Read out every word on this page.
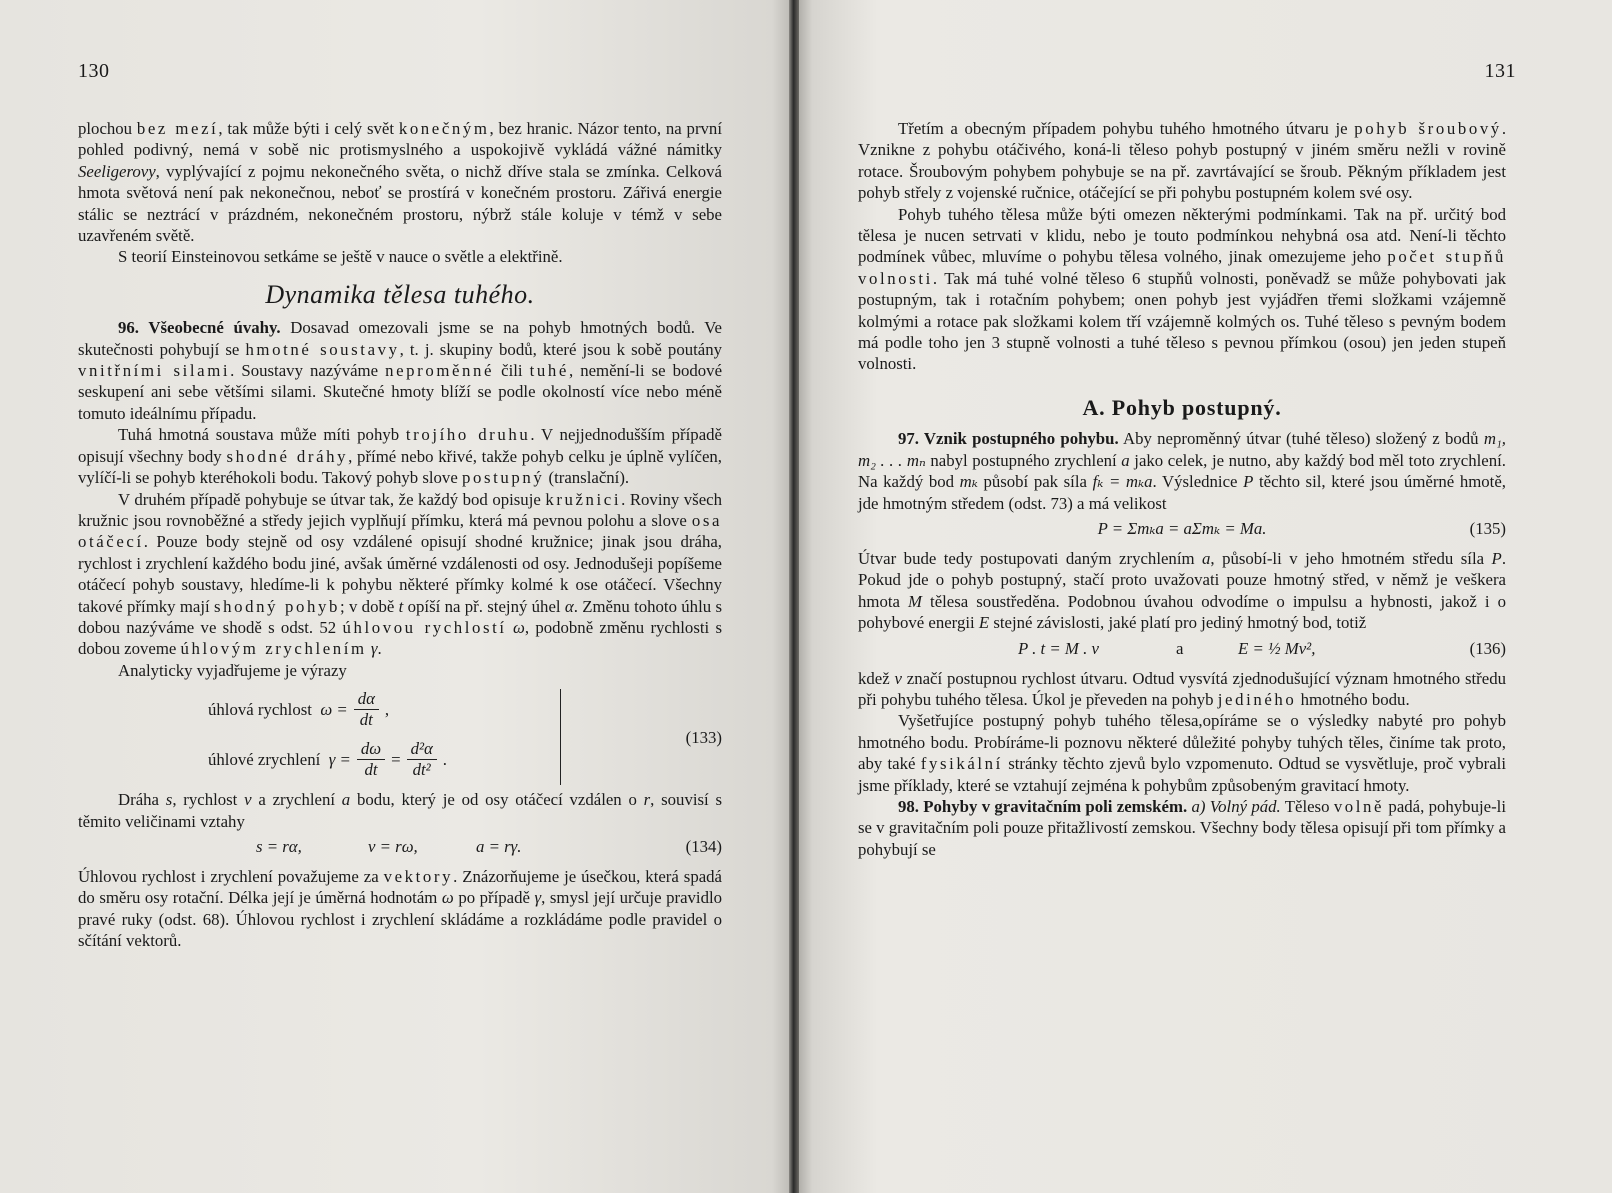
130

plochou bez mezí, tak může býti i celý svět konečným, bez hranic. Názor tento, na první pohled podivný, nemá v sobě nic protismyslného a uspokojivě vykládá vážné námitky Seeligerovy, vyplývající z pojmu nekonečného světa, o nichž dříve stala se zmínka. Celková hmota světová není pak nekonečnou, neboť se prostírá v konečném prostoru. Zářivá energie stálic se neztrácí v prázdném, nekonečném prostoru, nýbrž stále koluje v témž v sebe uzavřeném světě.

S teorií Einsteinovou setkáme se ještě v nauce o světle a elektřině.

Dynamika tělesa tuhého.

96. Všeobecné úvahy. Dosavad omezovali jsme se na pohyb hmotných bodů. Ve skutečnosti pohybují se hmotné soustavy, t. j. skupiny bodů, které jsou k sobě poutány vnitřními silami. Soustavy nazýváme neproměnné čili tuhé, nemění-li se bodové seskupení ani sebe většími silami. Skutečné hmoty blíží se podle okolností více nebo méně tomuto ideálnímu případu.

Tuhá hmotná soustava může míti pohyb trojího druhu. V nejjednodušším případě opisují všechny body shodné dráhy, přímé nebo křivé, takže pohyb celku je úplně vylíčen, vylíčí-li se pohyb kteréhokoli bodu. Takový pohyb slove postupný (translační).

V druhém případě pohybuje se útvar tak, že každý bod opisuje kružnici. Roviny všech kružnic jsou rovnoběžné a středy jejich vyplňují přímku, která má pevnou polohu a slove osa otáčecí. Pouze body stejně od osy vzdálené opisují shodné kružnice; jinak jsou dráha, rychlost i zrychlení každého bodu jiné, avšak úměrné vzdálenosti od osy. Jednodušeji popíšeme otáčecí pohyb soustavy, hledíme-li k pohybu některé přímky kolmé k ose otáčecí. Všechny takové přímky mají shodný pohyb; v době t opíší na př. stejný úhel α. Změnu tohoto úhlu s dobou nazýváme ve shodě s odst. 52 úhlovou rychlostí ω, podobně změnu rychlosti s dobou zoveme úhlovým zrychlením γ.

Analyticky vyjadřujeme je výrazy

úhlová rychlost
$\omega = \frac{d\alpha}{dt}$ ,
úhlové zrychlení
$\gamma = \frac{d\omega}{dt} = \frac{\text{d²α}}{\text{dt²}}$ .
(133)

Dráha s, rychlost v a zrychlení a bodu, který je od osy otáčecí vzdálen o r, souvisí s těmito veličinami vztahy

s = rα,	v = rω,	a = rγ.	(134)

Úhlovou rychlost i zrychlení považujeme za vektory. Znázorňujeme je úsečkou, která spadá do směru osy rotační. Délka její je úměrná hodnotám ω po případě γ, smysl její určuje pravidlo pravé ruky (odst. 68). Úhlovou rychlost i zrychlení skládáme a rozkládáme podle pravidel o sčítání vektorů.

131

Třetím a obecným případem pohybu tuhého hmotného útvaru je pohyb šroubový. Vznikne z pohybu otáčivého, koná-li těleso pohyb postupný v jiném směru nežli v rovině rotace. Šroubovým pohybem pohybuje se na př. zavrtávající se šroub. Pěkným příkladem jest pohyb střely z vojenské ručnice, otáčející se při pohybu postupném kolem své osy.

Pohyb tuhého tělesa může býti omezen některými podmínkami. Tak na př. určitý bod tělesa je nucen setrvati v klidu, nebo je touto podmínkou nehybná osa atd. Není-li těchto podmínek vůbec, mluvíme o pohybu tělesa volného, jinak omezujeme jeho počet stupňů volnosti. Tak má tuhé volné těleso 6 stupňů volnosti, poněvadž se může pohybovati jak postupným, tak i rotačním pohybem; onen pohyb jest vyjádřen třemi složkami vzájemně kolmými a rotace pak složkami kolem tří vzájemně kolmých os. Tuhé těleso s pevným bodem má podle toho jen 3 stupně volnosti a tuhé těleso s pevnou přímkou (osou) jen jeden stupeň volnosti.

A. Pohyb postupný.

97. Vznik postupného pohybu. Aby neproměnný útvar (tuhé těleso) složený z bodů m₁, m₂ . . . mₙ nabyl postupného zrychlení a jako celek, je nutno, aby každý bod měl toto zrychlení. Na každý bod mₖ působí pak síla fₖ = mₖa. Výslednice P těchto sil, které jsou úměrné hmotě, jde hmotným středem (odst. 73) a má velikost

P = Σmₖa = aΣmₖ = Ma.	(135)

Útvar bude tedy postupovati daným zrychlením a, působí-li v jeho hmotném středu síla P. Pokud jde o pohyb postupný, stačí proto uvažovati pouze hmotný střed, v němž je veškera hmota M tělesa soustředěna. Podobnou úvahou odvodíme o impulsu a hybnosti, jakož i o pohybové energii E stejné závislosti, jaké platí pro jediný hmotný bod, totiž

P . t = M . v	a	E = ½ Mv²,	(136)

kdež v značí postupnou rychlost útvaru. Odtud vysvítá zjednodušující význam hmotného středu při pohybu tuhého tělesa. Úkol je převeden na pohyb jediného hmotného bodu.

Vyšetřujíce postupný pohyb tuhého tělesa,opíráme se o výsledky nabyté pro pohyb hmotného bodu. Probíráme-li poznovu některé důležité pohyby tuhých těles, činíme tak proto, aby také fysikální stránky těchto zjevů bylo vzpomenuto. Odtud se vysvětluje, proč vybrali jsme příklady, které se vztahují zejména k pohybům způsobeným gravitací hmoty.

98. Pohyby v gravitačním poli zemském. a) Volný pád. Těleso volně padá, pohybuje-li se v gravitačním poli pouze přitažlivostí zemskou. Všechny body tělesa opisují při tom přímky a pohybují se
